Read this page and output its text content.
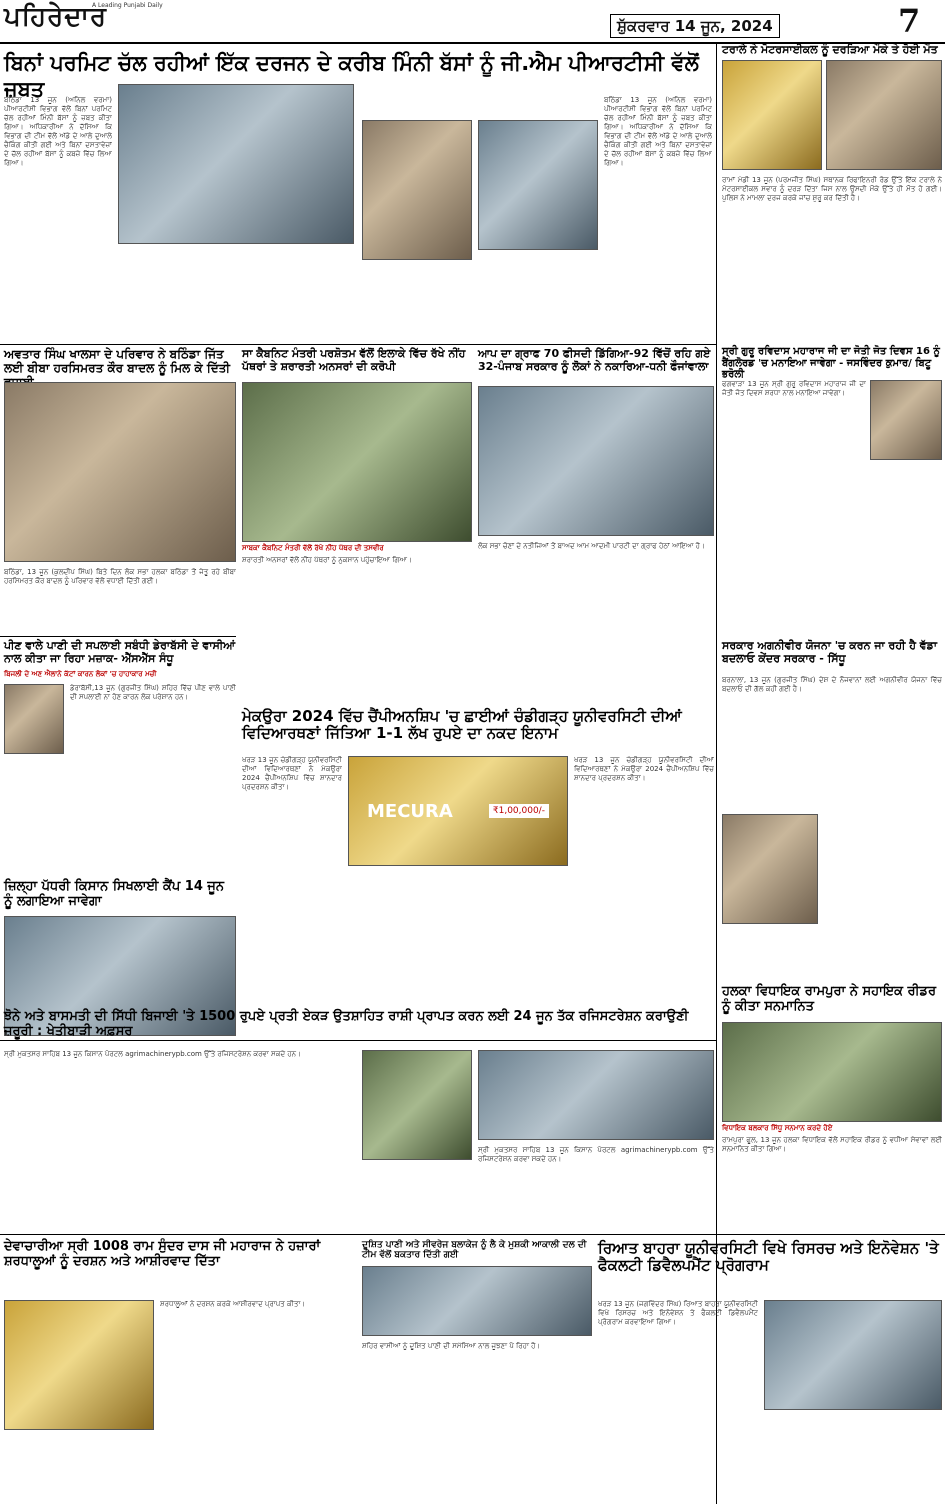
ਪਹਿਰੇਦਾਰ
A Leading Punjabi Daily
ਸ਼ੁੱਕਰਵਾਰ 14 ਜੂਨ, 2024	7
ਬਿਨਾਂ ਪਰਮਿਟ ਚੱਲ ਰਹੀਆਂ ਇੱਕ ਦਰਜਨ ਦੇ ਕਰੀਬ ਮਿੰਨੀ ਬੱਸਾਂ ਨੂੰ ਜੀ.ਐਮ ਪੀਆਰਟੀਸੀ ਵੱਲੋਂ ਜ਼ਬਤ
ਬਠਿੰਡਾ 13 ਜੂਨ (ਅਨਿਲ ਵਰਮਾ) ਪੀਆਰਟੀਸੀ ਵਿਭਾਗ ਵੱਲੋਂ ਬਿਨਾਂ ਪਰਮਿਟ ਚੱਲ ਰਹੀਆਂ ਮਿੰਨੀ ਬੱਸਾਂ ਨੂੰ ਜ਼ਬਤ ਕੀਤਾ ਗਿਆ। ਅਧਿਕਾਰੀਆਂ ਨੇ ਦੱਸਿਆ ਕਿ ਵਿਭਾਗ ਦੀ ਟੀਮ ਵੱਲੋਂ ਅੱਡੇ ਦੇ ਆਲੇ ਦੁਆਲੇ ਚੈਕਿੰਗ ਕੀਤੀ ਗਈ ਅਤੇ ਬਿਨਾਂ ਦਸਤਾਵੇਜ਼ਾਂ ਦੇ ਚੱਲ ਰਹੀਆਂ ਬੱਸਾਂ ਨੂੰ ਕਬਜ਼ੇ ਵਿੱਚ ਲਿਆ ਗਿਆ।
ਬਠਿੰਡਾ 13 ਜੂਨ (ਅਨਿਲ ਵਰਮਾ) ਪੀਆਰਟੀਸੀ ਵਿਭਾਗ ਵੱਲੋਂ ਬਿਨਾਂ ਪਰਮਿਟ ਚੱਲ ਰਹੀਆਂ ਮਿੰਨੀ ਬੱਸਾਂ ਨੂੰ ਜ਼ਬਤ ਕੀਤਾ ਗਿਆ। ਅਧਿਕਾਰੀਆਂ ਨੇ ਦੱਸਿਆ ਕਿ ਵਿਭਾਗ ਦੀ ਟੀਮ ਵੱਲੋਂ ਅੱਡੇ ਦੇ ਆਲੇ ਦੁਆਲੇ ਚੈਕਿੰਗ ਕੀਤੀ ਗਈ ਅਤੇ ਬਿਨਾਂ ਦਸਤਾਵੇਜ਼ਾਂ ਦੇ ਚੱਲ ਰਹੀਆਂ ਬੱਸਾਂ ਨੂੰ ਕਬਜ਼ੇ ਵਿੱਚ ਲਿਆ ਗਿਆ।
ਟਰਾਲੇ ਨੇ ਮੋਟਰਸਾਈਕਲ ਨੂੰ ਦਰੜਿਆ ਮੌਕੇ ਤੇ ਹੋਈ ਮੌਤ
ਰਾਮਾਂ ਮੰਡੀ 13 ਜੂਨ (ਪਰਮਜੀਤ ਸਿੰਘ) ਸਥਾਨਕ ਰਿਫਾਇਨਰੀ ਰੋਡ ਉੱਤੇ ਇੱਕ ਟਰਾਲੇ ਨੇ ਮੋਟਰਸਾਈਕਲ ਸਵਾਰ ਨੂੰ ਦਰੜ ਦਿੱਤਾ ਜਿਸ ਨਾਲ ਉਸਦੀ ਮੌਕੇ ਉੱਤੇ ਹੀ ਮੌਤ ਹੋ ਗਈ। ਪੁਲਿਸ ਨੇ ਮਾਮਲਾ ਦਰਜ ਕਰਕੇ ਜਾਂਚ ਸ਼ੁਰੂ ਕਰ ਦਿੱਤੀ ਹੈ।
ਅਵਤਾਰ ਸਿੰਘ ਖਾਲਸਾ ਦੇ ਪਰਿਵਾਰ ਨੇ ਬਠਿੰਡਾ ਜਿੱਤ ਲਈ ਬੀਬਾ ਹਰਸਿਮਰਤ ਕੌਰ ਬਾਦਲ ਨੂੰ ਮਿਲ ਕੇ ਦਿੱਤੀ
ਬਠਿੰਡਾ, 13 ਜੂਨ (ਕੁਲਦੀਪ ਸਿੰਘ) ਬਿਤੇ ਦਿਨ ਲੋਕ ਸਭਾ ਹਲਕਾ ਬਠਿੰਡਾ ਤੋਂ ਜੇਤੂ ਰਹੇ ਬੀਬਾ ਹਰਸਿਮਰਤ ਕੌਰ ਬਾਦਲ ਨੂੰ ਪਰਿਵਾਰ ਵੱਲੋਂ ਵਧਾਈ ਦਿੱਤੀ ਗਈ।
ਸਾ ਕੈਬਨਿਟ ਮੰਤਰੀ ਪਰਸ਼ੋਤਮ ਵੱਲੋਂ ਇਲਾਕੇ ਵਿੱਚ ਰੱਖੇ ਨੀਂਹ ਪੱਥਰਾਂ ਤੇ ਸ਼ਰਾਰਤੀ ਅਨਸਰਾਂ ਦੀ ਕਰੋਪੀ
ਸਾਬਕਾ ਕੈਬਨਿਟ ਮੰਤਰੀ ਵੱਲੋਂ ਰੱਖੇ ਨੀਂਹ ਪੱਥਰ ਦੀ ਤਸਵੀਰ
ਸ਼ਰਾਰਤੀ ਅਨਸਰਾਂ ਵੱਲੋਂ ਨੀਂਹ ਪੱਥਰਾਂ ਨੂੰ ਨੁਕਸਾਨ ਪਹੁੰਚਾਇਆ ਗਿਆ।
ਆਪ ਦਾ ਗ੍ਰਾਫ 70 ਫੀਸਦੀ ਡਿੱਗਿਆ-92 ਵਿੱਚੋਂ ਰਹਿ ਗਏ 32-ਪੰਜਾਬ ਸਰਕਾਰ ਨੂੰ ਲੋਕਾਂ ਨੇ ਨਕਾਰਿਆ-ਧਨੀ ਫੌਜਾਂਵਾਲਾ
ਲੋਕ ਸਭਾ ਚੋਣਾਂ ਦੇ ਨਤੀਜਿਆਂ ਤੋਂ ਬਾਅਦ ਆਮ ਆਦਮੀ ਪਾਰਟੀ ਦਾ ਗ੍ਰਾਫ ਹੇਠਾਂ ਆਇਆ ਹੈ।
ਸ੍ਰੀ ਗੁਰੂ ਰਵਿਦਾਸ ਮਹਾਰਾਜ ਜੀ ਦਾ ਜੋਤੀ ਜੋਤ ਦਿਵਸ 16 ਨੂੰ ਬੈਂਗਲੋਰਡ 'ਚ ਮਨਾਇਆ ਜਾਵੇਗਾ - ਜਸਵਿੰਦਰ ਕੁਮਾਰ/ ਬਿਟੂ ਭਰੋਲੀ
ਫਗਵਾੜਾ 13 ਜੂਨ ਸ੍ਰੀ ਗੁਰੂ ਰਵਿਦਾਸ ਮਹਾਰਾਜ ਜੀ ਦਾ ਜੋਤੀ ਜੋਤ ਦਿਵਸ ਸ਼ਰਧਾ ਨਾਲ ਮਨਾਇਆ ਜਾਵੇਗਾ।
ਪੀਣ ਵਾਲੇ ਪਾਣੀ ਦੀ ਸਪਲਾਈ ਸਬੰਧੀ ਡੇਰਾਬੱਸੀ ਦੇ ਵਾਸੀਆਂ ਨਾਲ ਕੀਤਾ ਜਾ ਰਿਹਾ ਮਜ਼ਾਕ- ਐੱਸਐੱਸ ਸੰਧੂ
ਬਿਜਲੀ ਦੇ ਅਣ ਐਲਾਨੇ ਕੱਟਾਂ ਕਾਰਨ ਲੋਕਾਂ 'ਚ ਹਾਹਾਕਾਰ ਮਚੀ
ਡੇਰਾਬੱਸੀ,13 ਜੂਨ (ਗੁਰਜੀਤ ਸਿੰਘ) ਸ਼ਹਿਰ ਵਿੱਚ ਪੀਣ ਵਾਲੇ ਪਾਣੀ ਦੀ ਸਪਲਾਈ ਨਾ ਹੋਣ ਕਾਰਨ ਲੋਕ ਪਰੇਸ਼ਾਨ ਹਨ।
ਜ਼ਿਲ੍ਹਾ ਪੱਧਰੀ ਕਿਸਾਨ ਸਿਖਲਾਈ ਕੈਂਪ 14 ਜੂਨ ਨੂੰ ਲਗਾਇਆ ਜਾਵੇਗਾ
ਮੇਕਉਰਾ 2024 ਵਿੱਚ ਚੈਂਪੀਅਨਸ਼ਿਪ 'ਚ ਛਾਈਆਂ ਚੰਡੀਗੜ੍ਹ ਯੂਨੀਵਰਸਿਟੀ ਦੀਆਂ ਵਿਦਿਆਰਥਣਾਂ ਜਿੱਤਿਆ 1-1 ਲੱਖ ਰੁਪਏ ਦਾ ਨਕਦ ਇਨਾਮ
ਖਰੜ 13 ਜੂਨ ਚੰਡੀਗੜ੍ਹ ਯੂਨੀਵਰਸਿਟੀ ਦੀਆਂ ਵਿਦਿਆਰਥਣਾਂ ਨੇ ਮੇਕਉਰਾ 2024 ਚੈਂਪੀਅਨਸ਼ਿਪ ਵਿੱਚ ਸ਼ਾਨਦਾਰ ਪ੍ਰਦਰਸ਼ਨ ਕੀਤਾ।
MECURA	₹1,00,000/-
ਖਰੜ 13 ਜੂਨ ਚੰਡੀਗੜ੍ਹ ਯੂਨੀਵਰਸਿਟੀ ਦੀਆਂ ਵਿਦਿਆਰਥਣਾਂ ਨੇ ਮੇਕਉਰਾ 2024 ਚੈਂਪੀਅਨਸ਼ਿਪ ਵਿੱਚ ਸ਼ਾਨਦਾਰ ਪ੍ਰਦਰਸ਼ਨ ਕੀਤਾ।
ਸਰਕਾਰ ਅਗਨੀਵੀਰ ਯੋਜਨਾ 'ਚ ਕਰਨ ਜਾ ਰਹੀ ਹੈ ਵੱਡਾ ਬਦਲਾਓ ਕੇਂਦਰ ਸਰਕਾਰ - ਸਿੱਧੂ
ਬਰਨਾਲਾ, 13 ਜੂਨ (ਗੁਰਜੀਤ ਸਿੰਘ) ਦੇਸ਼ ਦੇ ਨੌਜਵਾਨਾਂ ਲਈ ਅਗਨੀਵੀਰ ਯੋਜਨਾ ਵਿੱਚ ਬਦਲਾਓ ਦੀ ਗੱਲ ਕਹੀ ਗਈ ਹੈ।
ਝੋਨੇ ਅਤੇ ਬਾਸਮਤੀ ਦੀ ਸਿੱਧੀ ਬਿਜਾਈ 'ਤੇ 1500 ਰੁਪਏ ਪ੍ਰਤੀ ਏਕੜ ਉਤਸ਼ਾਹਿਤ ਰਾਸ਼ੀ ਪ੍ਰਾਪਤ ਕਰਨ ਲਈ 24 ਜੂਨ ਤੱਕ ਰਜਿਸਟਰੇਸ਼ਨ ਕਰਾਉਣੀ ਜ਼ਰੂਰੀ : ਖੇਤੀਬਾੜੀ ਅਫ਼ਸਰ
ਸ੍ਰੀ ਮੁਕਤਸਰ ਸਾਹਿਬ 13 ਜੂਨ ਕਿਸਾਨ ਪੋਰਟਲ agrimachinerypb.com ਉੱਤੇ ਰਜਿਸਟਰੇਸ਼ਨ ਕਰਵਾ ਸਕਦੇ ਹਨ।
ਸ੍ਰੀ ਮੁਕਤਸਰ ਸਾਹਿਬ 13 ਜੂਨ ਕਿਸਾਨ ਪੋਰਟਲ agrimachinerypb.com ਉੱਤੇ ਰਜਿਸਟਰੇਸ਼ਨ ਕਰਵਾ ਸਕਦੇ ਹਨ।
ਹਲਕਾ ਵਿਧਾਇਕ ਰਾਮਪੁਰਾ ਨੇ ਸਹਾਇਕ ਰੀਡਰ ਨੂੰ ਕੀਤਾ ਸਨਮਾਨਿਤ
ਵਿਧਾਇਕ ਬਲਕਾਰ ਸਿੱਧੂ ਸਨਮਾਨ ਕਰਦੇ ਹੋਏ
ਰਾਮਪੁਰਾ ਫੂਲ, 13 ਜੂਨ ਹਲਕਾ ਵਿਧਾਇਕ ਵੱਲੋਂ ਸਹਾਇਕ ਰੀਡਰ ਨੂੰ ਵਧੀਆ ਸੇਵਾਵਾਂ ਲਈ ਸਨਮਾਨਿਤ ਕੀਤਾ ਗਿਆ।
ਦੇਵਾਚਾਰੀਆ ਸ੍ਰੀ 1008 ਰਾਮ ਸੁੰਦਰ ਦਾਸ ਜੀ ਮਹਾਰਾਜ ਨੇ ਹਜ਼ਾਰਾਂ ਸ਼ਰਧਾਲੂਆਂ ਨੂੰ ਦਰਸ਼ਨ ਅਤੇ ਆਸ਼ੀਰਵਾਦ ਦਿੱਤਾ
ਸ਼ਰਧਾਲੂਆਂ ਨੇ ਦਰਸ਼ਨ ਕਰਕੇ ਆਸ਼ੀਰਵਾਦ ਪ੍ਰਾਪਤ ਕੀਤਾ।
ਦੂਸ਼ਿਤ ਪਾਣੀ ਅਤੇ ਸੀਵਰੇਜ ਬਲਾਕੇਜ ਨੂੰ ਲੈ ਕੇ ਮੁਸ਼ਕੀ ਆਕਾਲੀ ਦਲ ਦੀ ਟੀਮ ਵੱਲੋਂ ਬਕਤਾਰ ਦਿੱਤੀ ਗਈ
ਸ਼ਹਿਰ ਵਾਸੀਆਂ ਨੂੰ ਦੂਸ਼ਿਤ ਪਾਣੀ ਦੀ ਸਮੱਸਿਆ ਨਾਲ ਜੂਝਣਾ ਪੈ ਰਿਹਾ ਹੈ।
ਰਿਆਤ ਬਾਹਰਾ ਯੂਨੀਵਰਸਿਟੀ ਵਿਖੇ ਰਿਸਰਚ ਅਤੇ ਇਨੋਵੇਸ਼ਨ 'ਤੇ ਫੈਕਲਟੀ ਡਿਵੈਲਪਮੈਂਟ ਪ੍ਰੋਗਰਾਮ
ਖਰੜ 13 ਜੂਨ (ਜਗਵਿੰਦਰ ਸਿੰਘ) ਰਿਆਤ ਬਾਹਰਾ ਯੂਨੀਵਰਸਿਟੀ ਵਿਖੇ ਰਿਸਰਚ ਅਤੇ ਇਨੋਵੇਸ਼ਨ ਤੇ ਫੈਕਲਟੀ ਡਿਵੈਲਪਮੈਂਟ ਪ੍ਰੋਗਰਾਮ ਕਰਵਾਇਆ ਗਿਆ।
